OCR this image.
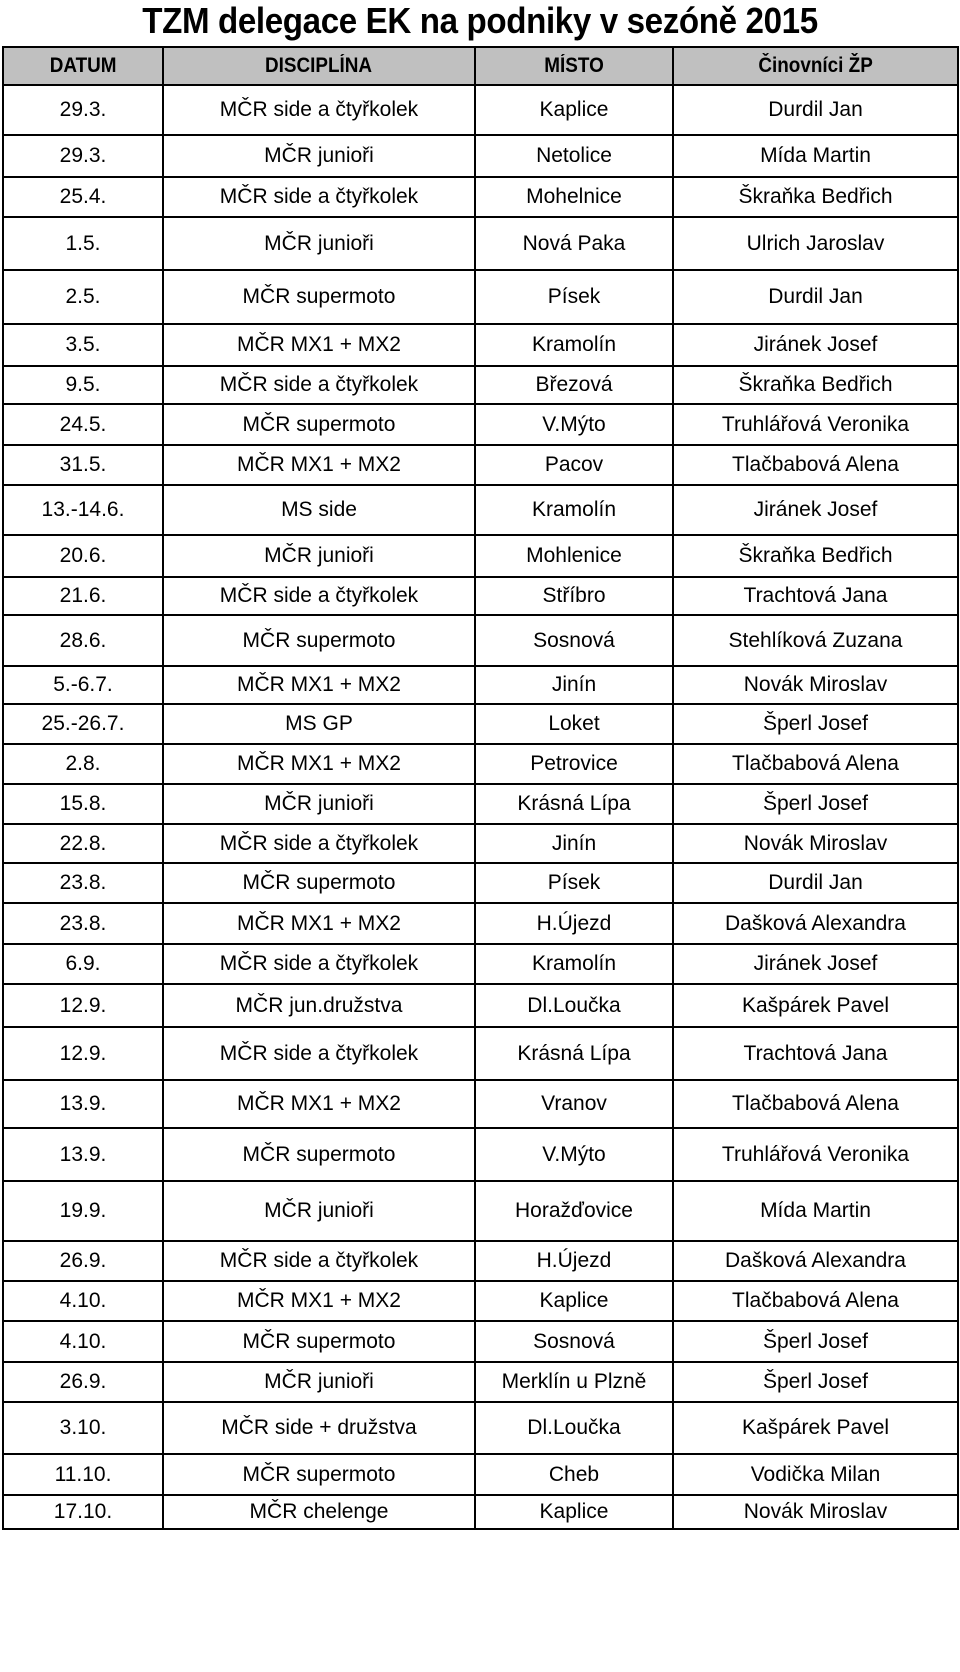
TZM delegace EK na podniky v sezóně 2015
DATUM	DISCIPLÍNA	MÍSTO	Činovníci ŽP
29.3.	MČR side a čtyřkolek	Kaplice	Durdil Jan
29.3.	MČR junioři	Netolice	Mída Martin
25.4.	MČR side a čtyřkolek	Mohelnice	Škraňka Bedřich
1.5.	MČR junioři	Nová Paka	Ulrich Jaroslav
2.5.	MČR supermoto	Písek	Durdil Jan
3.5.	MČR MX1 + MX2	Kramolín	Jiránek Josef
9.5.	MČR side a čtyřkolek	Březová	Škraňka Bedřich
24.5.	MČR supermoto	V.Mýto	Truhlářová Veronika
31.5.	MČR MX1 + MX2	Pacov	Tlačbabová Alena
13.-14.6.	MS side	Kramolín	Jiránek Josef
20.6.	MČR junioři	Mohlenice	Škraňka Bedřich
21.6.	MČR side a čtyřkolek	Stříbro	Trachtová Jana
28.6.	MČR supermoto	Sosnová	Stehlíková Zuzana
5.-6.7.	MČR MX1 + MX2	Jinín	Novák Miroslav
25.-26.7.	MS GP	Loket	Šperl Josef
2.8.	MČR MX1 + MX2	Petrovice	Tlačbabová Alena
15.8.	MČR junioři	Krásná Lípa	Šperl Josef
22.8.	MČR side a čtyřkolek	Jinín	Novák Miroslav
23.8.	MČR supermoto	Písek	Durdil Jan
23.8.	MČR MX1 + MX2	H.Újezd	Dašková Alexandra
6.9.	MČR side a čtyřkolek	Kramolín	Jiránek Josef
12.9.	MČR jun.družstva	Dl.Loučka	Kašpárek Pavel
12.9.	MČR side a čtyřkolek	Krásná Lípa	Trachtová Jana
13.9.	MČR MX1 + MX2	Vranov	Tlačbabová Alena
13.9.	MČR supermoto	V.Mýto	Truhlářová Veronika
19.9.	MČR junioři	Horažďovice	Mída Martin
26.9.	MČR side a čtyřkolek	H.Újezd	Dašková Alexandra
4.10.	MČR MX1 + MX2	Kaplice	Tlačbabová Alena
4.10.	MČR supermoto	Sosnová	Šperl Josef
26.9.	MČR junioři	Merklín u Plzně	Šperl Josef
3.10.	MČR side + družstva	Dl.Loučka	Kašpárek Pavel
11.10.	MČR supermoto	Cheb	Vodička Milan
17.10.	MČR chelenge	Kaplice	Novák Miroslav
